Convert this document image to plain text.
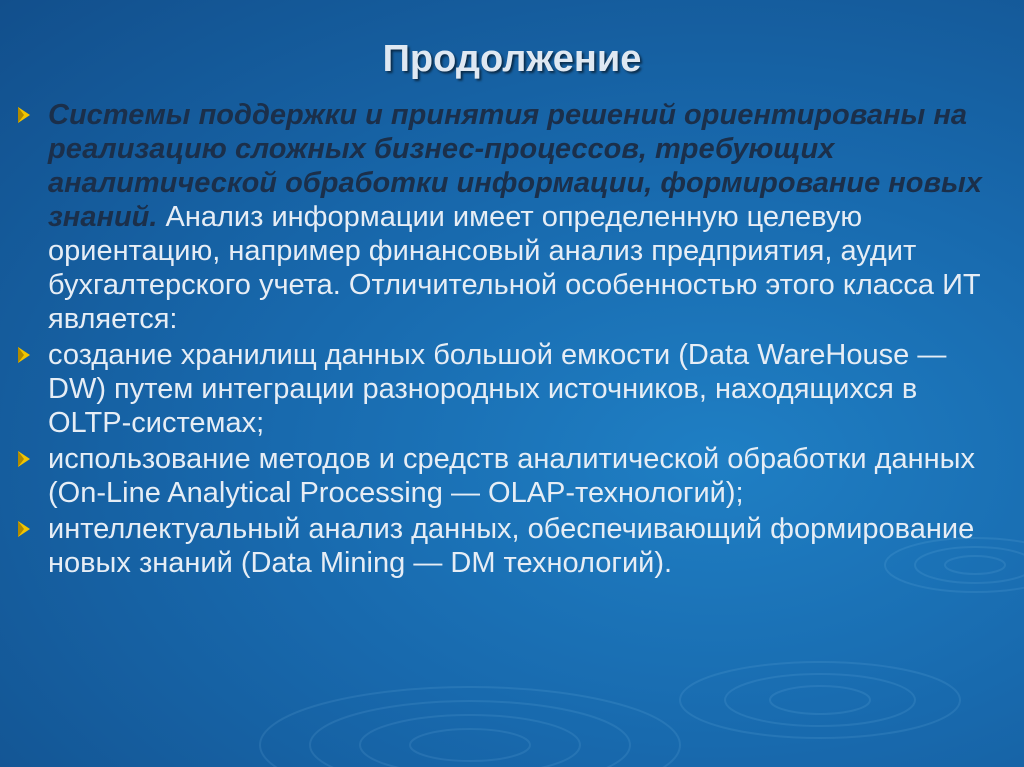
Продолжение
Системы поддержки и принятия решений ориентированы на реализацию сложных бизнес-процессов, требующих аналитической обработки информации, формирование новых знаний. Анализ информации имеет определенную целевую ориентацию, например финансовый анализ предприятия, аудит бухгалтерского учета. Отличительной особенностью этого класса ИТ является:
создание хранилищ данных большой емкости (Data WareHouse — DW) путем интеграции разнородных источников, находящихся в OLTP-системах;
использование методов и средств аналитической обработки данных (On-Line Analytical Processing — OLAP-технологий);
интеллектуальный анализ данных, обеспечивающий формирование новых знаний (Data Mining — DM технологий).
